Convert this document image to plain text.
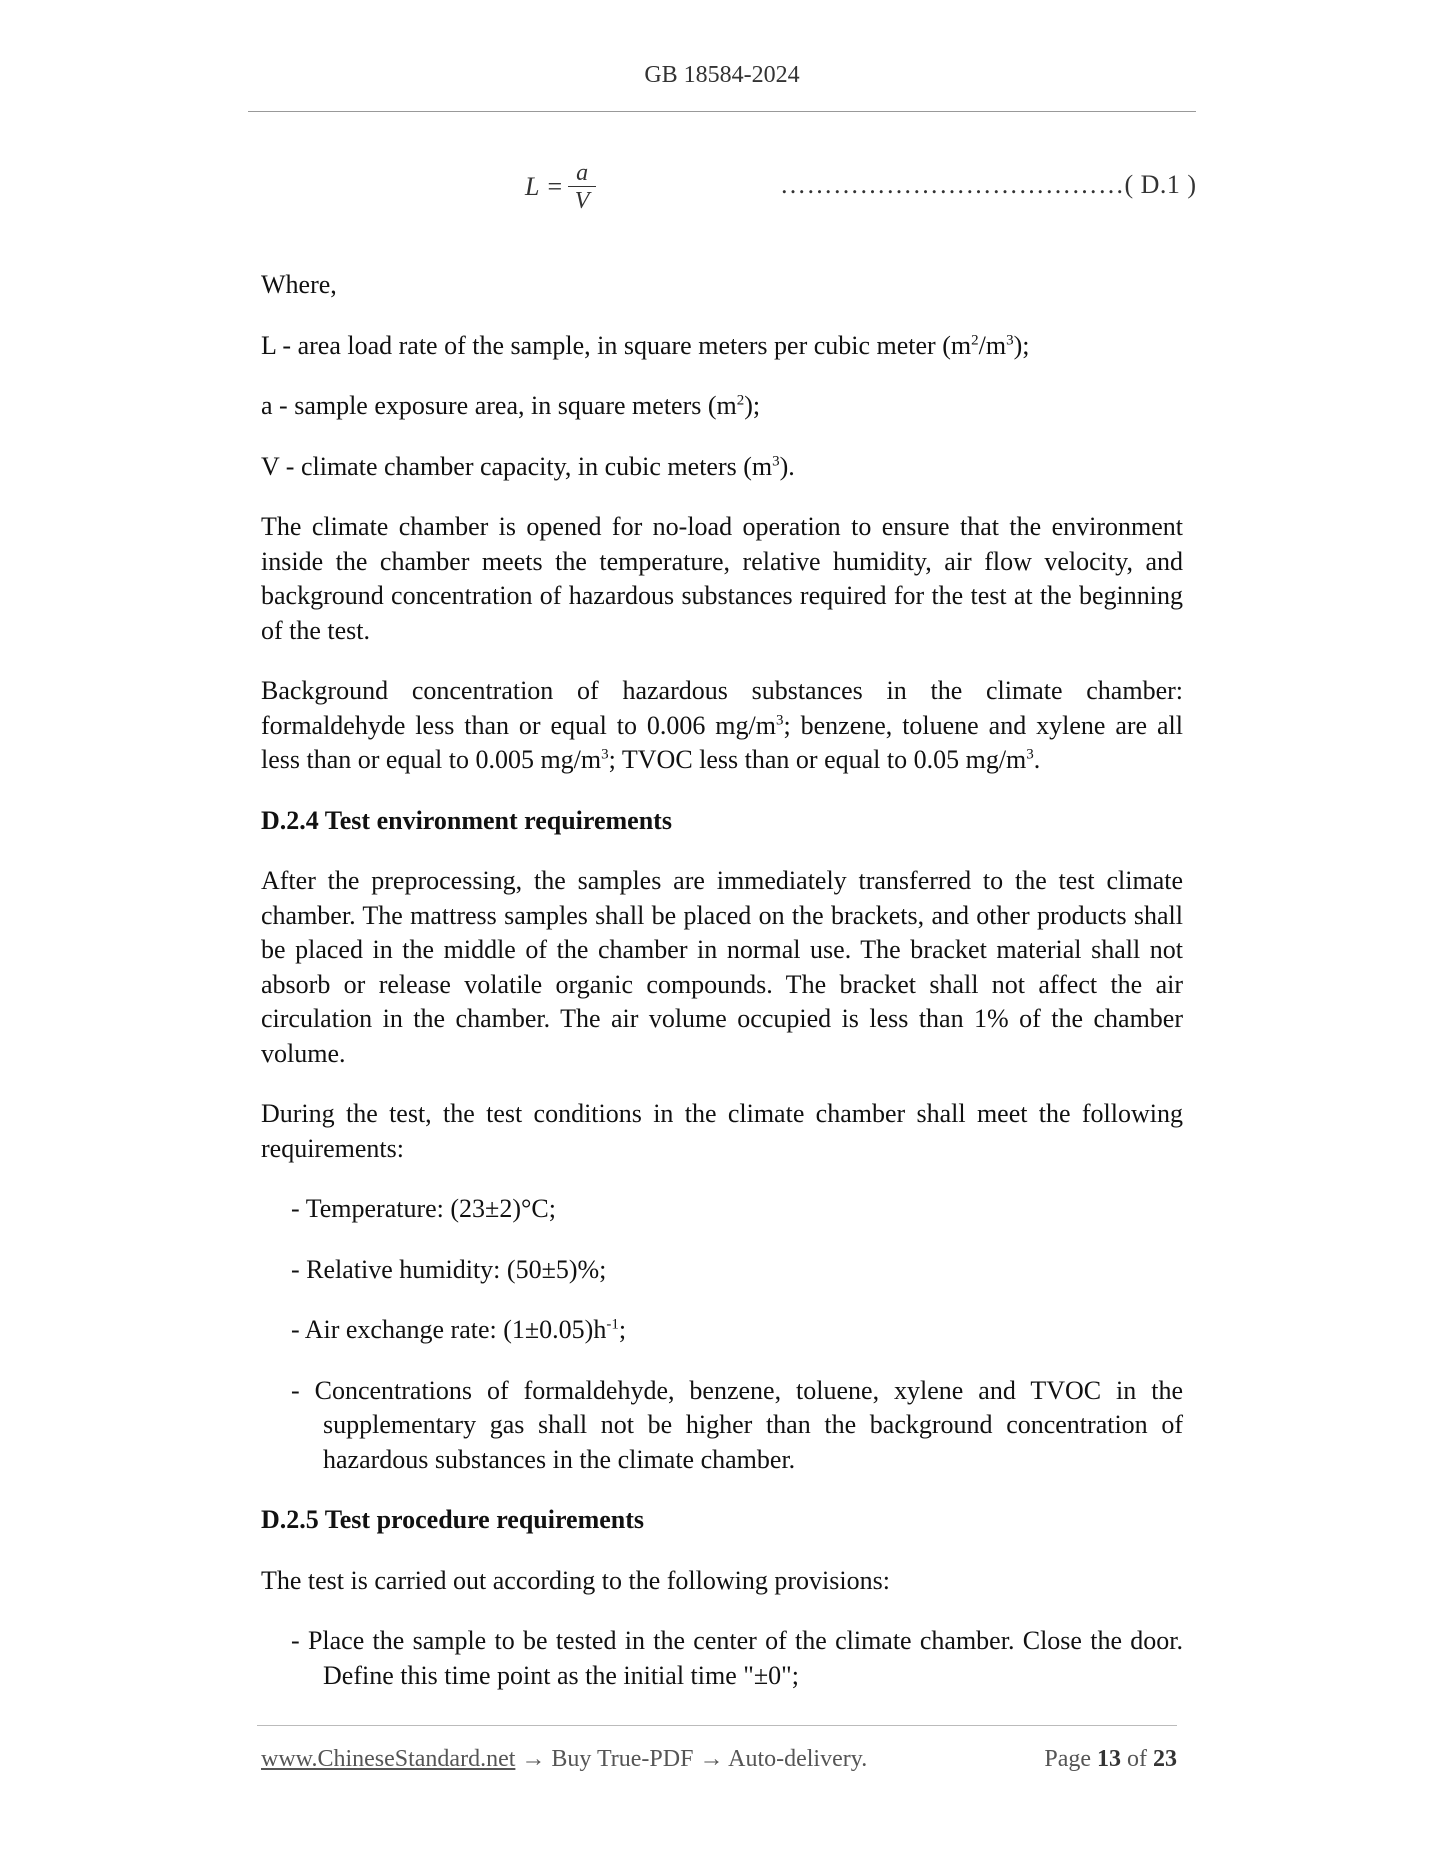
GB 18584-2024
$L = \frac{a}{V}$	…………………………………( D.1 )

Where,

L - area load rate of the sample, in square meters per cubic meter $(m^2/m^3)$;

a - sample exposure area, in square meters $(m^2)$;

V - climate chamber capacity, in cubic meters $(m^3)$.

The climate chamber is opened for no-load operation to ensure that the environment inside the chamber meets the temperature, relative humidity, air flow velocity, and background concentration of hazardous substances required for the test at the beginning of the test.

Background concentration of hazardous substances in the climate chamber: formaldehyde less than or equal to 0.006 $mg/m^3$; benzene, toluene and xylene are all less than or equal to 0.005 $mg/m^3$; TVOC less than or equal to 0.05 $mg/m^3$.

D.2.4 Test environment requirements

After the preprocessing, the samples are immediately transferred to the test climate chamber. The mattress samples shall be placed on the brackets, and other products shall be placed in the middle of the chamber in normal use. The bracket material shall not absorb or release volatile organic compounds. The bracket shall not affect the air circulation in the chamber. The air volume occupied is less than 1% of the chamber volume.

During the test, the test conditions in the climate chamber shall meet the following requirements:

- Temperature: (23±2)°C;

- Relative humidity: (50±5)%;

- Air exchange rate: $(1\pm 0.05)h^{-1}$;

- Concentrations of formaldehyde, benzene, toluene, xylene and TVOC in the supplementary gas shall not be higher than the background concentration of hazardous substances in the climate chamber.

D.2.5 Test procedure requirements

The test is carried out according to the following provisions:

- Place the sample to be tested in the center of the climate chamber. Close the door. Define this time point as the initial time "±0";

www.ChineseStandard.net → Buy True-PDF → Auto-delivery.	Page 13 of 23
